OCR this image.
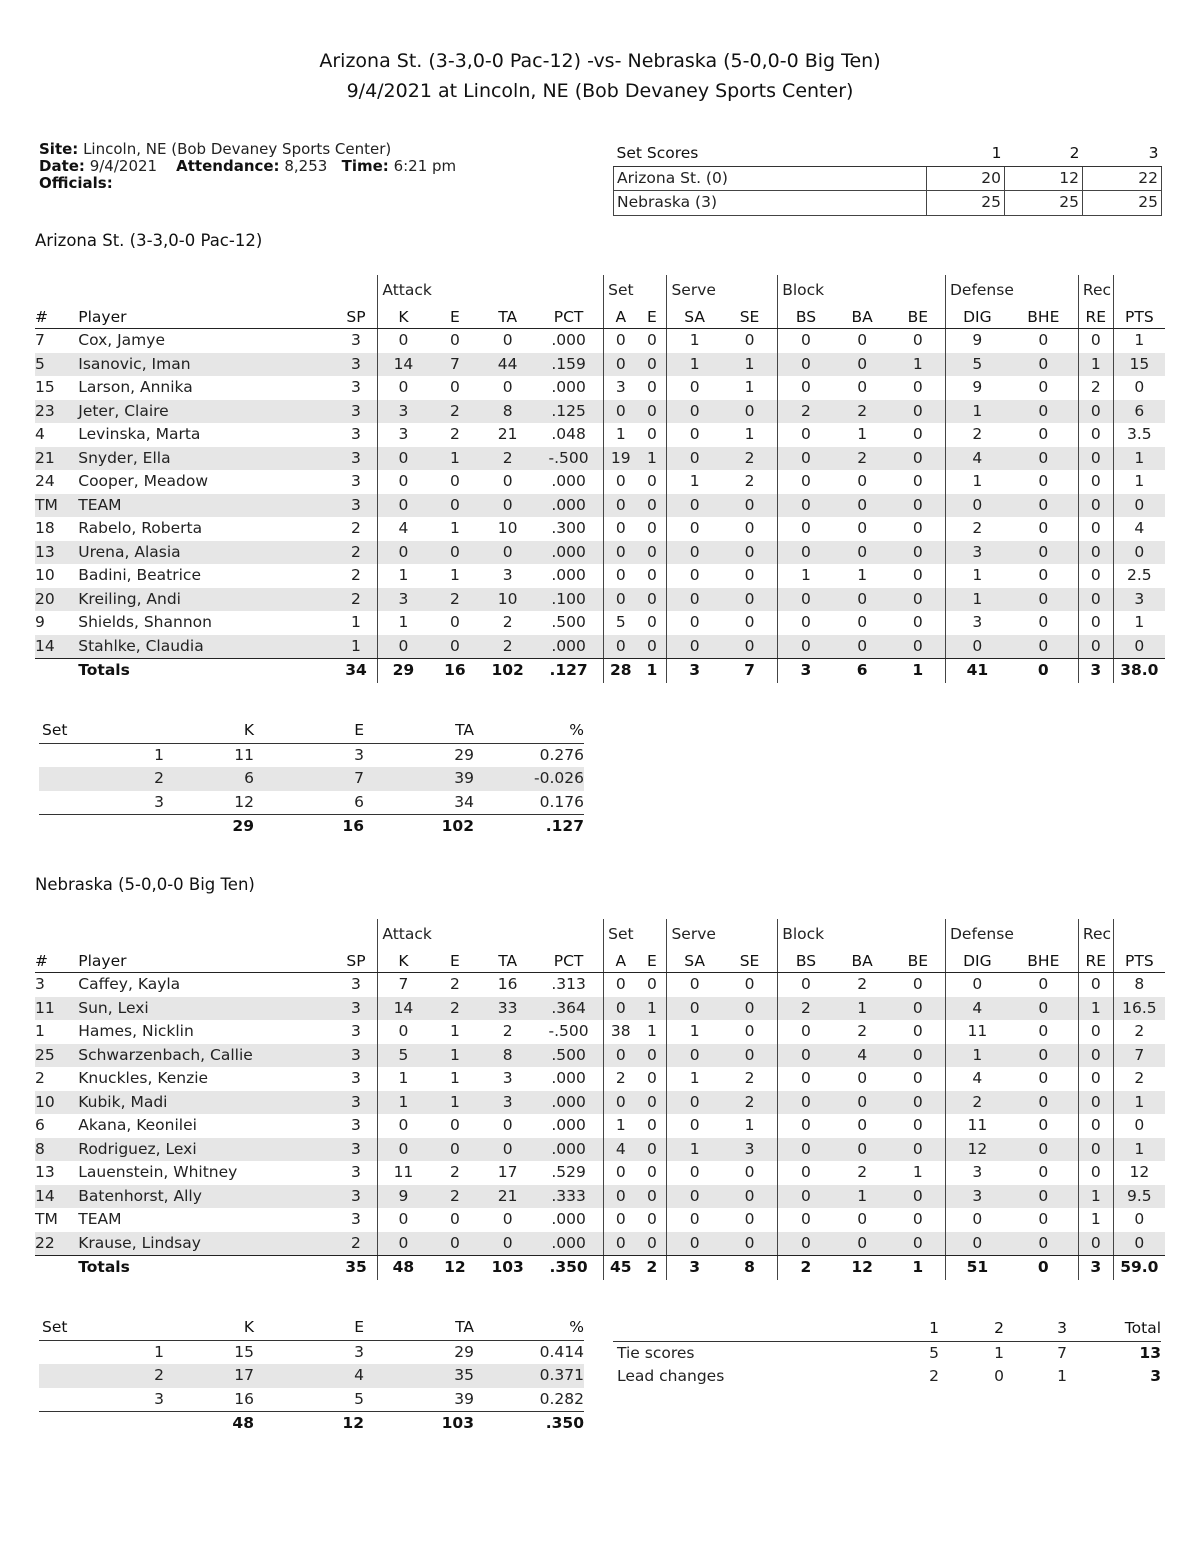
Arizona St. (3-3,0-0 Pac-12) -vs- Nebraska (5-0,0-0 Big Ten)
9/4/2021 at Lincoln, NE (Bob Devaney Sports Center)
Site: Lincoln, NE (Bob Devaney Sports Center)
Date: 9/4/2021 Attendance: 8,253 Time: 6:21 pm
Officials:
Set Scores	1	2	3
Arizona St. (0)	20	12	22
Nebraska (3)	25	25	25
Arizona St. (3-3,0-0 Pac-12)
			Attack				Set		Serve		Block			Defense		Rec	
#	Player	SP	K	E	TA	PCT	A	E	SA	SE	BS	BA	BE	DIG	BHE	RE	PTS
7	Cox, Jamye	3	0	0	0	.000	0	0	1	0	0	0	0	9	0	0	1
5	Isanovic, Iman	3	14	7	44	.159	0	0	1	1	0	0	1	5	0	1	15
15	Larson, Annika	3	0	0	0	.000	3	0	0	1	0	0	0	9	0	2	0
23	Jeter, Claire	3	3	2	8	.125	0	0	0	0	2	2	0	1	0	0	6
4	Levinska, Marta	3	3	2	21	.048	1	0	0	1	0	1	0	2	0	0	3.5
21	Snyder, Ella	3	0	1	2	-.500	19	1	0	2	0	2	0	4	0	0	1
24	Cooper, Meadow	3	0	0	0	.000	0	0	1	2	0	0	0	1	0	0	1
TM	TEAM	3	0	0	0	.000	0	0	0	0	0	0	0	0	0	0	0
18	Rabelo, Roberta	2	4	1	10	.300	0	0	0	0	0	0	0	2	0	0	4
13	Urena, Alasia	2	0	0	0	.000	0	0	0	0	0	0	0	3	0	0	0
10	Badini, Beatrice	2	1	1	3	.000	0	0	0	0	1	1	0	1	0	0	2.5
20	Kreiling, Andi	2	3	2	10	.100	0	0	0	0	0	0	0	1	0	0	3
9	Shields, Shannon	1	1	0	2	.500	5	0	0	0	0	0	0	3	0	0	1
14	Stahlke, Claudia	1	0	0	2	.000	0	0	0	0	0	0	0	0	0	0	0
	Totals	34	29	16	102	.127	28	1	3	7	3	6	1	41	0	3	38.0
Set	K	E	TA	%
1	11	3	29	0.276
2	6	7	39	-0.026
3	12	6	34	0.176
	29	16	102	.127
Nebraska (5-0,0-0 Big Ten)
			Attack				Set		Serve		Block			Defense		Rec	
#	Player	SP	K	E	TA	PCT	A	E	SA	SE	BS	BA	BE	DIG	BHE	RE	PTS
3	Caffey, Kayla	3	7	2	16	.313	0	0	0	0	0	2	0	0	0	0	8
11	Sun, Lexi	3	14	2	33	.364	0	1	0	0	2	1	0	4	0	1	16.5
1	Hames, Nicklin	3	0	1	2	-.500	38	1	1	0	0	2	0	11	0	0	2
25	Schwarzenbach, Callie	3	5	1	8	.500	0	0	0	0	0	4	0	1	0	0	7
2	Knuckles, Kenzie	3	1	1	3	.000	2	0	1	2	0	0	0	4	0	0	2
10	Kubik, Madi	3	1	1	3	.000	0	0	0	2	0	0	0	2	0	0	1
6	Akana, Keonilei	3	0	0	0	.000	1	0	0	1	0	0	0	11	0	0	0
8	Rodriguez, Lexi	3	0	0	0	.000	4	0	1	3	0	0	0	12	0	0	1
13	Lauenstein, Whitney	3	11	2	17	.529	0	0	0	0	0	2	1	3	0	0	12
14	Batenhorst, Ally	3	9	2	21	.333	0	0	0	0	0	1	0	3	0	1	9.5
TM	TEAM	3	0	0	0	.000	0	0	0	0	0	0	0	0	0	1	0
22	Krause, Lindsay	2	0	0	0	.000	0	0	0	0	0	0	0	0	0	0	0
	Totals	35	48	12	103	.350	45	2	3	8	2	12	1	51	0	3	59.0
Set	K	E	TA	%
1	15	3	29	0.414
2	17	4	35	0.371
3	16	5	39	0.282
	48	12	103	.350
	1	2	3	Total
Tie scores	5	1	7	13
Lead changes	2	0	1	3
